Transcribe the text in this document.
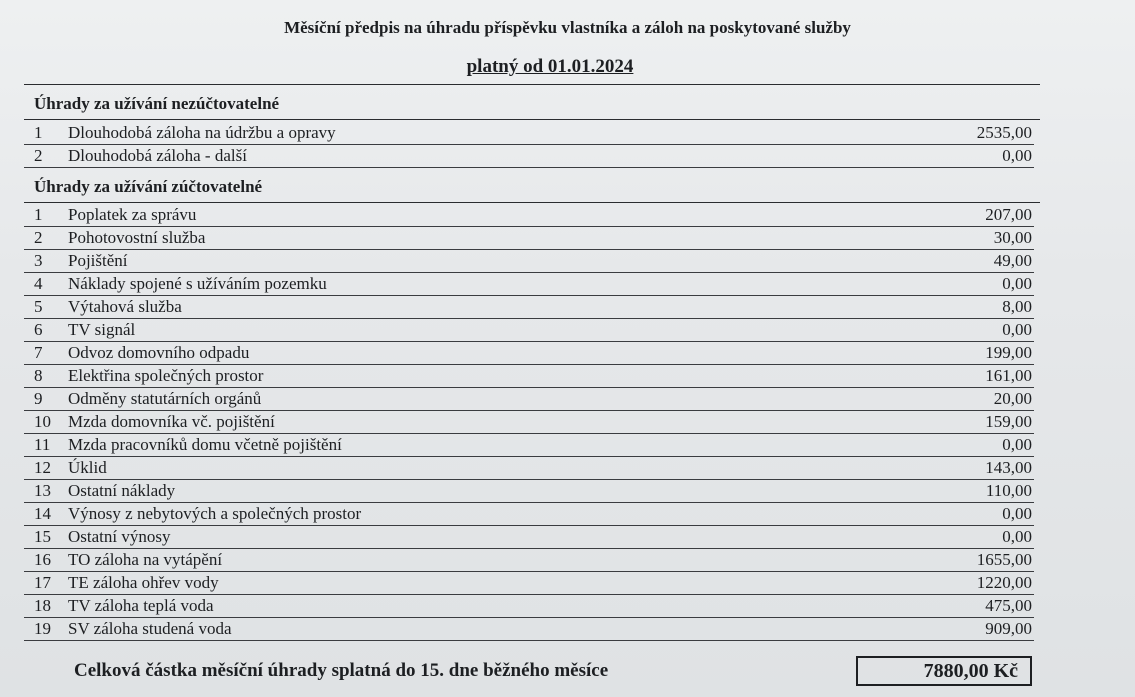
Měsíční předpis na úhradu příspěvku vlastníka a záloh na poskytované služby
platný od 01.01.2024
Úhrady za užívání nezúčtovatelné
1	Dlouhodobá záloha na údržbu a opravy	2535,00
2	Dlouhodobá záloha - další	0,00
Úhrady za užívání zúčtovatelné
1	Poplatek za správu	207,00
2	Pohotovostní služba	30,00
3	Pojištění	49,00
4	Náklady spojené s užíváním pozemku	0,00
5	Výtahová služba	8,00
6	TV signál	0,00
7	Odvoz domovního odpadu	199,00
8	Elektřina společných prostor	161,00
9	Odměny statutárních orgánů	20,00
10	Mzda domovníka vč. pojištění	159,00
11	Mzda pracovníků domu včetně pojištění	0,00
12	Úklid	143,00
13	Ostatní náklady	110,00
14	Výnosy z nebytových a společných prostor	0,00
15	Ostatní výnosy	0,00
16	TO záloha na vytápění	1655,00
17	TE záloha ohřev vody	1220,00
18	TV záloha teplá voda	475,00
19	SV záloha studená voda	909,00
Celková částka měsíční úhrady splatná do 15. dne běžného měsíce	7880,00 Kč
